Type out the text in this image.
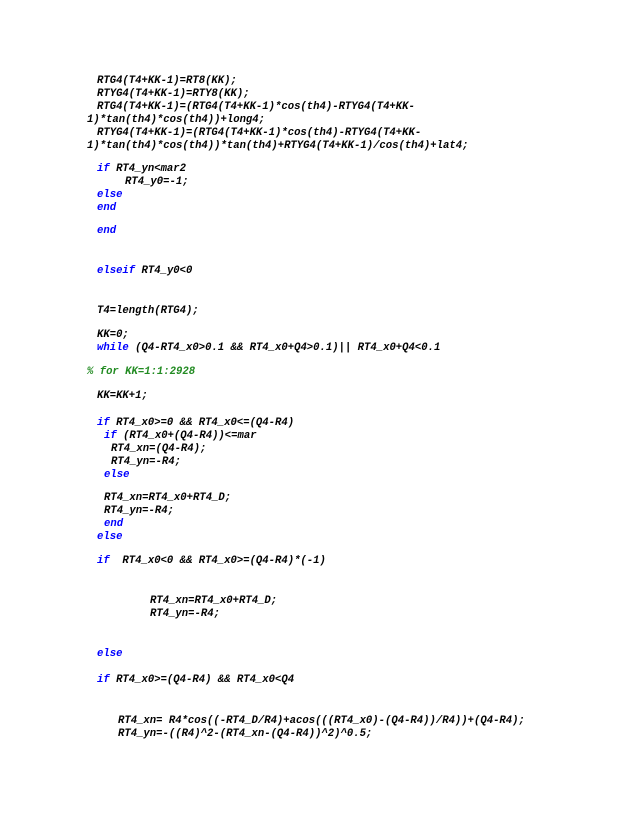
RTG4(T4+KK-1)=RT8(KK);
RTYG4(T4+KK-1)=RTY8(KK);
RTG4(T4+KK-1)=(RTG4(T4+KK-1)*cos(th4)-RTYG4(T4+KK-
1)*tan(th4)*cos(th4))+long4;
RTYG4(T4+KK-1)=(RTG4(T4+KK-1)*cos(th4)-RTYG4(T4+KK-
1)*tan(th4)*cos(th4))*tan(th4)+RTYG4(T4+KK-1)/cos(th4)+lat4;
if RT4_yn<mar2
RT4_y0=-1;
else
end
end
elseif RT4_y0<0
T4=length(RTG4);
KK=0;
while (Q4-RT4_x0>0.1 && RT4_x0+Q4>0.1)|| RT4_x0+Q4<0.1
% for KK=1:1:2928
KK=KK+1;
if RT4_x0>=0 && RT4_x0<=(Q4-R4)
if (RT4_x0+(Q4-R4))<=mar
RT4_xn=(Q4-R4);
RT4_yn=-R4;
else
RT4_xn=RT4_x0+RT4_D;
RT4_yn=-R4;
end
else
if  RT4_x0<0 && RT4_x0>=(Q4-R4)*(-1)
RT4_xn=RT4_x0+RT4_D;
RT4_yn=-R4;
else
if RT4_x0>=(Q4-R4) && RT4_x0<Q4
RT4_xn= R4*cos((-RT4_D/R4)+acos(((RT4_x0)-(Q4-R4))/R4))+(Q4-R4);
RT4_yn=-((R4)^2-(RT4_xn-(Q4-R4))^2)^0.5;
